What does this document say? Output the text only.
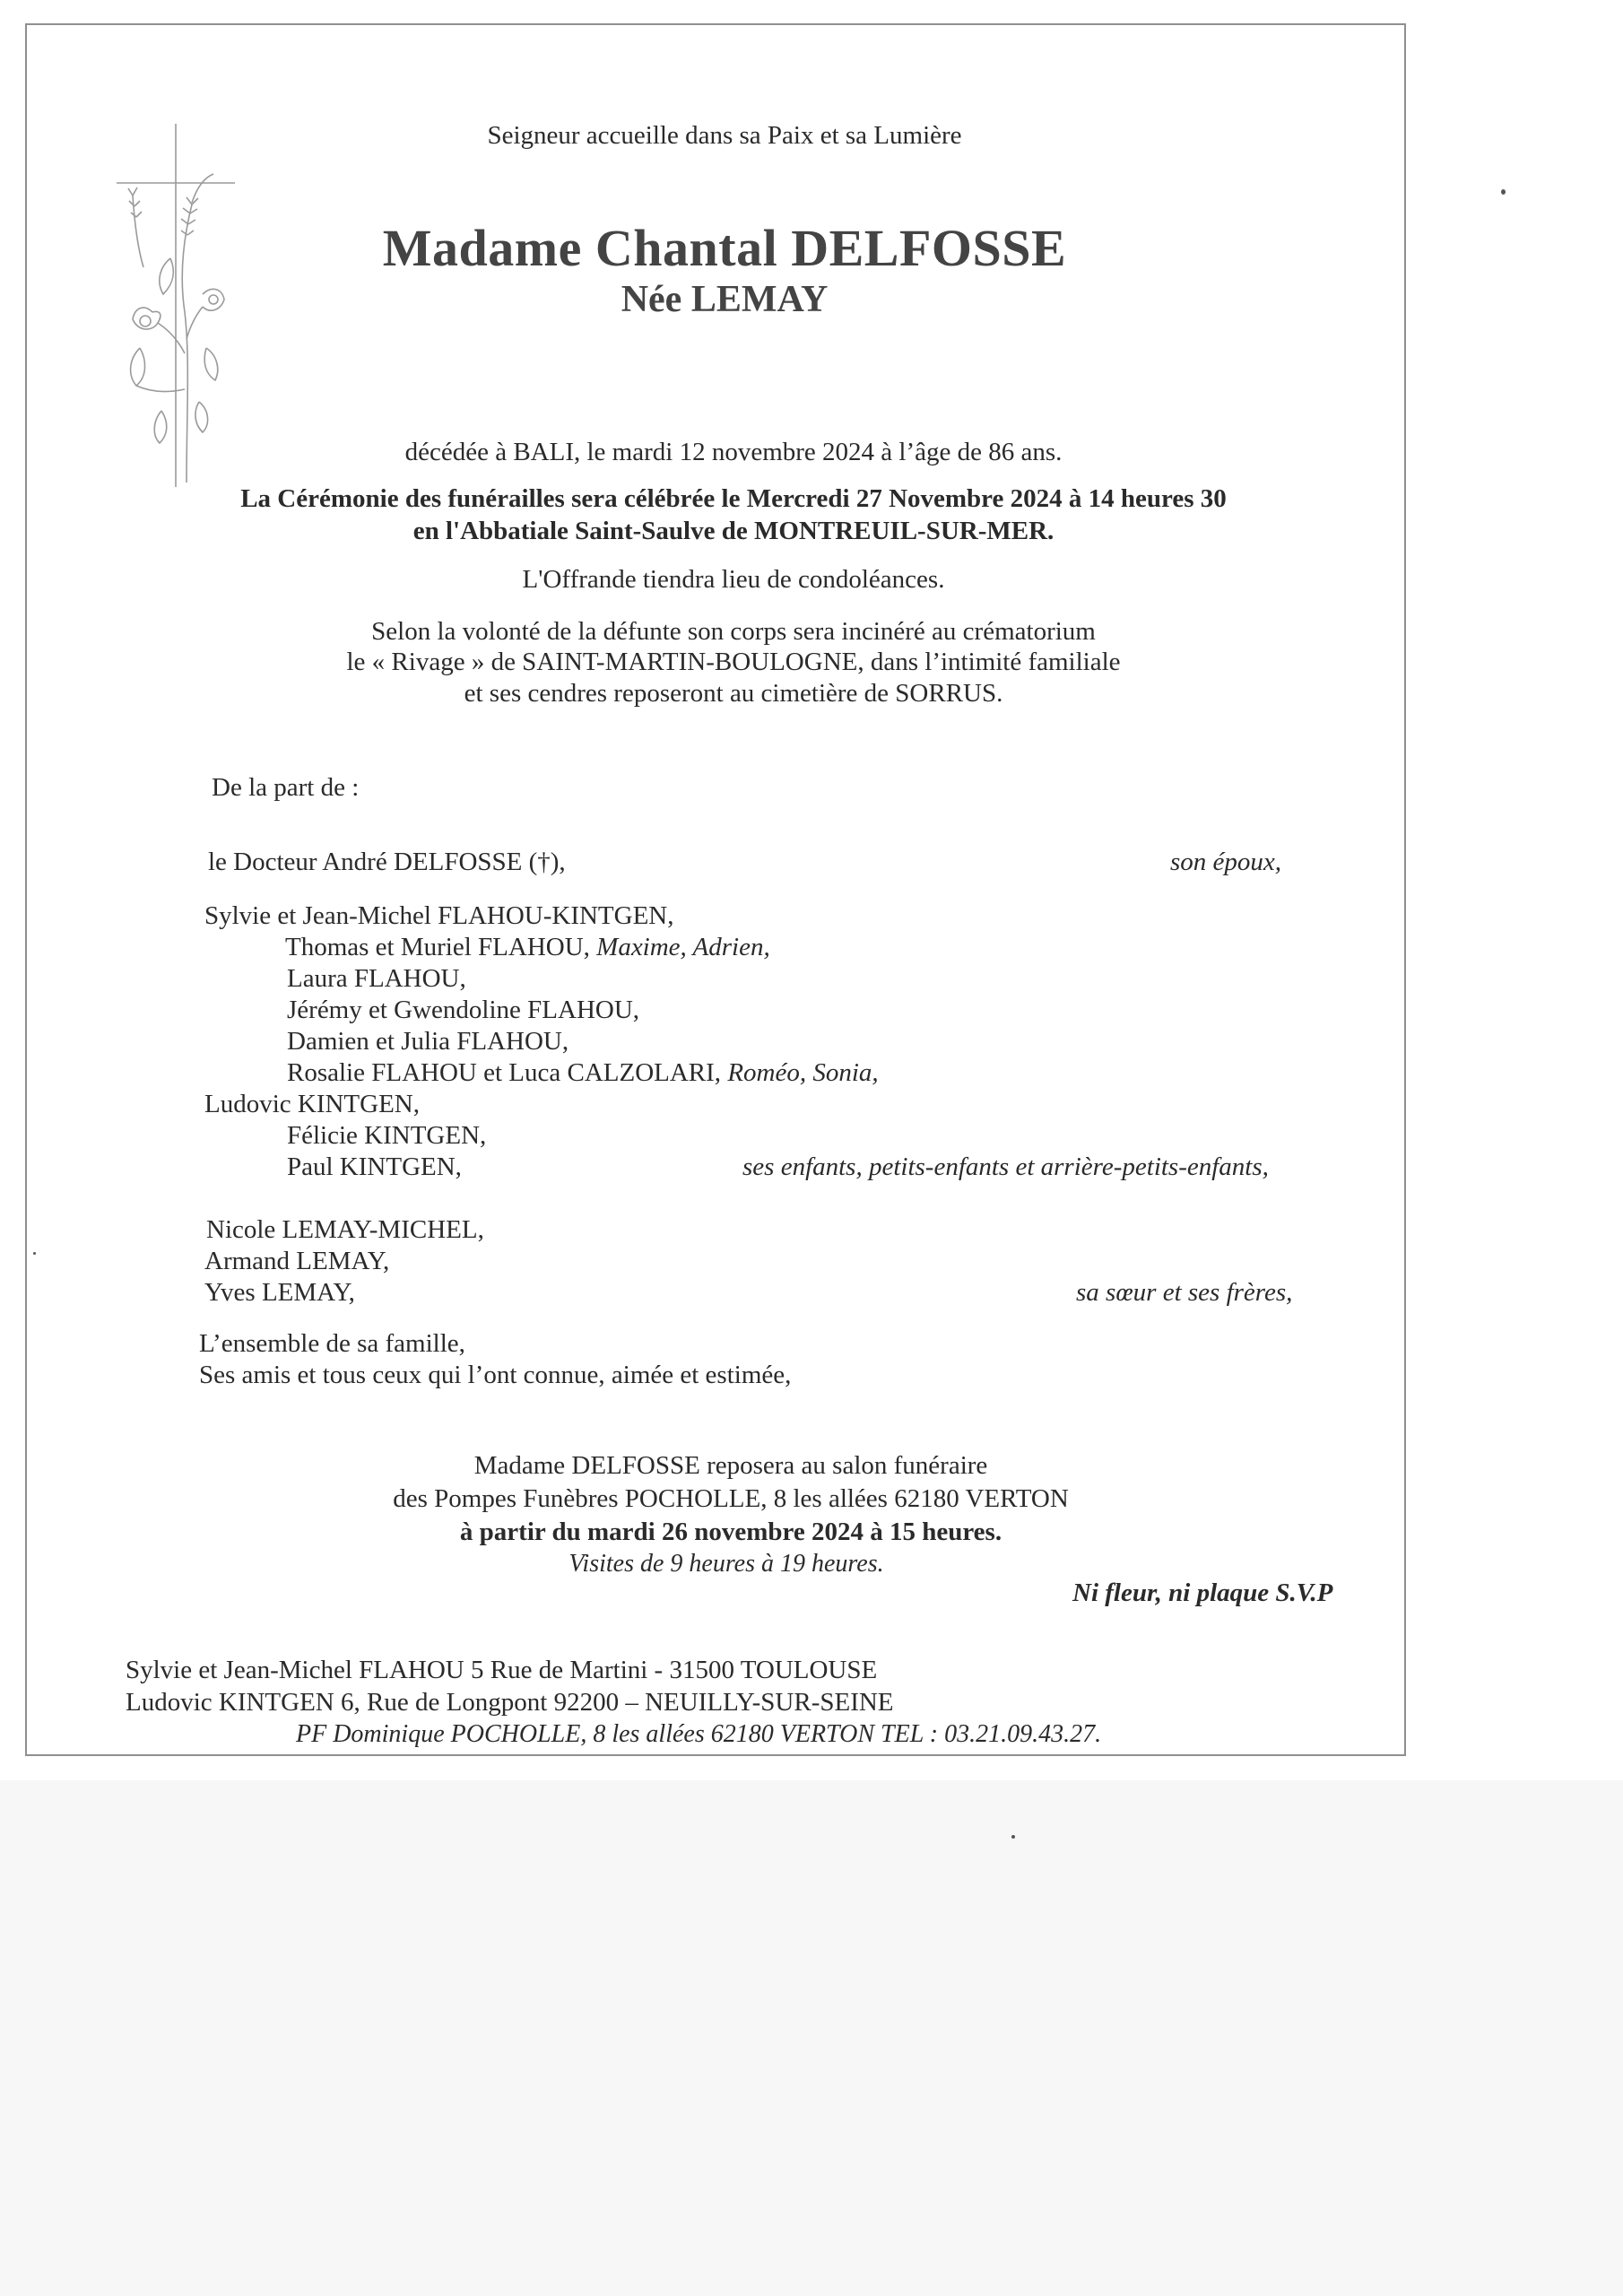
Seigneur accueille dans sa Paix et sa Lumière

Madame Chantal DELFOSSE

Née LEMAY

décédée à BALI, le mardi 12 novembre 2024 à l’âge de 86 ans.

La Cérémonie des funérailles sera célébrée le Mercredi 27 Novembre 2024 à 14 heures 30

en l'Abbatiale Saint-Saulve de MONTREUIL-SUR-MER.

L'Offrande tiendra lieu de condoléances.

Selon la volonté de la défunte son corps sera incinéré au crématorium

le « Rivage » de SAINT-MARTIN-BOULOGNE, dans l’intimité familiale

et ses cendres reposeront au cimetière de SORRUS.

De la part de :

le Docteur André DELFOSSE (†),	son époux,

Sylvie et Jean-Michel FLAHOU-KINTGEN,

Thomas et Muriel FLAHOU, Maxime, Adrien,

Laura FLAHOU,

Jérémy et Gwendoline FLAHOU,

Damien et Julia FLAHOU,

Rosalie FLAHOU et Luca CALZOLARI, Roméo, Sonia,

Ludovic KINTGEN,

Félicie KINTGEN,

Paul KINTGEN,	ses enfants, petits-enfants et arrière-petits-enfants,

Nicole LEMAY-MICHEL,

Armand LEMAY,

Yves LEMAY,	sa sœur et ses frères,

L’ensemble de sa famille,

Ses amis et tous ceux qui l’ont connue, aimée et estimée,

Madame DELFOSSE reposera au salon funéraire

des Pompes Funèbres POCHOLLE, 8 les allées 62180 VERTON

à partir du mardi 26 novembre 2024 à 15 heures.

Visites de 9 heures à 19 heures.

Ni fleur, ni plaque S.V.P

Sylvie et Jean-Michel FLAHOU 5 Rue de Martini - 31500 TOULOUSE

Ludovic KINTGEN 6, Rue de Longpont 92200 – NEUILLY-SUR-SEINE

PF Dominique POCHOLLE, 8 les allées 62180 VERTON TEL : 03.21.09.43.27.
